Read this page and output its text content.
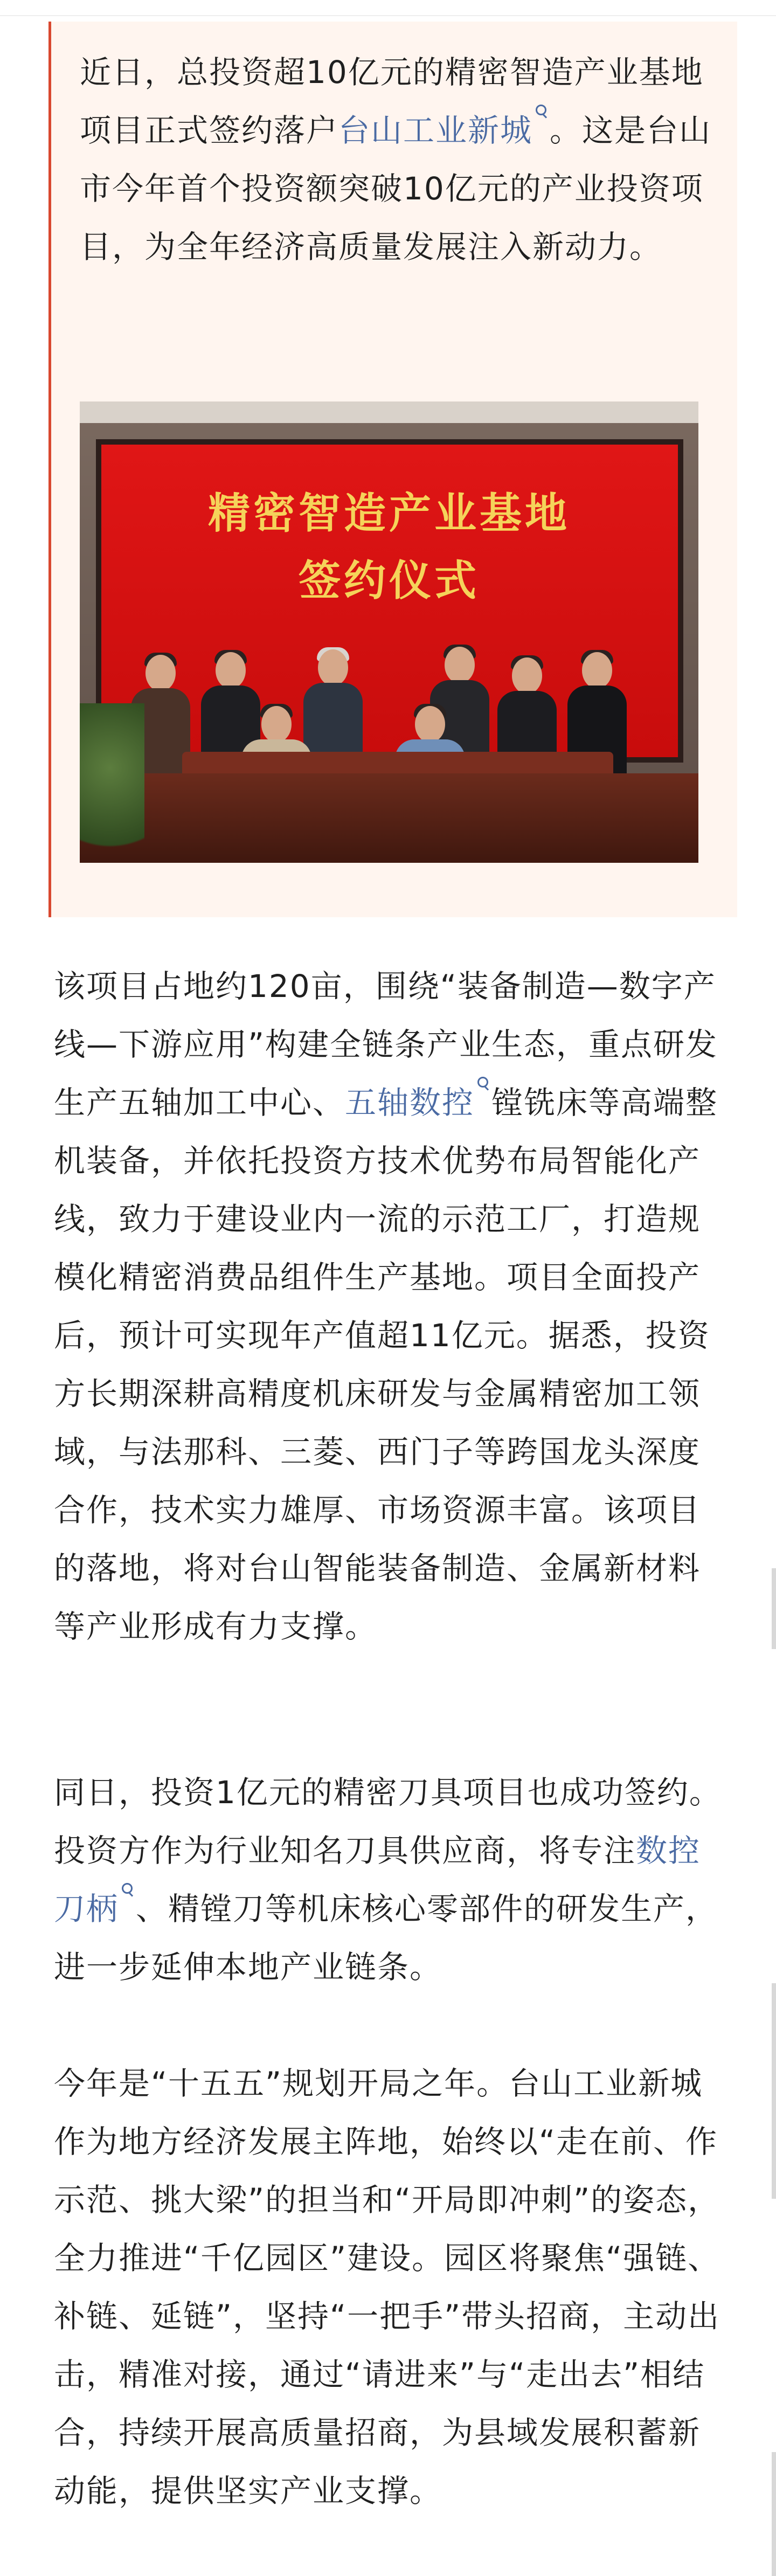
近日，总投资超10亿元的精密智造产业基地项目正式签约落户台山工业新城 。这是台山市今年首个投资额突破10亿元的产业投资项目，为全年经济高质量发展注入新动力。

精密智造产业基地
签约仪式

该项目占地约120亩，围绕“装备制造—数字产线—下游应用”构建全链条产业生态，重点研发生产五轴加工中心、五轴数控 镗铣床等高端整机装备，并依托投资方技术优势布局智能化产线，致力于建设业内一流的示范工厂，打造规模化精密消费品组件生产基地。项目全面投产后，预计可实现年产值超11亿元。据悉，投资方长期深耕高精度机床研发与金属精密加工领域，与法那科、三菱、西门子等跨国龙头深度合作，技术实力雄厚、市场资源丰富。该项目的落地，将对台山智能装备制造、金属新材料等产业形成有力支撑。

同日，投资1亿元的精密刀具项目也成功签约。投资方作为行业知名刀具供应商，将专注数控刀柄 、精镗刀等机床核心零部件的研发生产，进一步延伸本地产业链条。

今年是“十五五”规划开局之年。台山工业新城作为地方经济发展主阵地，始终以“走在前、作示范、挑大梁”的担当和“开局即冲刺”的姿态，全力推进“千亿园区”建设。园区将聚焦“强链、补链、延链”，坚持“一把手”带头招商，主动出击，精准对接，通过“请进来”与“走出去”相结合，持续开展高质量招商，为县域发展积蓄新动能，提供坚实产业支撑。
